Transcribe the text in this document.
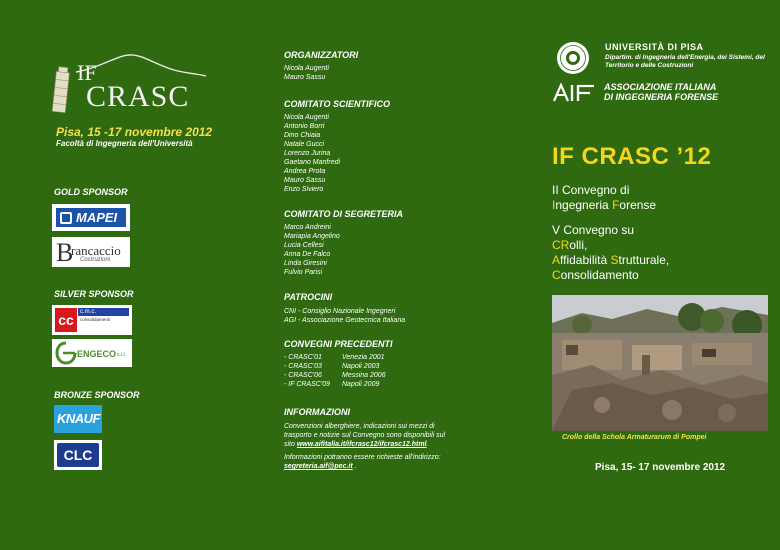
IF
CRASC
Pisa, 15 -17 novembre 2012
Facoltà di Ingegneria dell'Università
GOLD SPONSOR
MAPEI
B
rancaccio
Costruzioni
SILVER SPONSOR
cc	c.m.c.
consolidamenti
ENGECO s.r.l.
BRONZE SPONSOR
KNAUF
CLC
ORGANIZZATORI
Nicola Augenti
Mauro Sassu
COMITATO SCIENTIFICO
Nicola Augenti
Antonio Borri
Dino Chiaia
Natale Gucci
Lorenzo Jurina
Gaetano Manfredi
Andrea Prota
Mauro Sassu
Enzo Siviero
COMITATO DI SEGRETERIA
Marco Andreini
Mariapia Angelino
Lucia Cellesi
Anna De Falco
Linda Giresini
Fulvio Parisi
PATROCINI
CNI - Consiglio Nazionale Ingegneri
AGI - Associazione Geotecnica Italiana
CONVEGNI PRECEDENTI
- CRASC'01	Venezia 2001
- CRASC'03	Napoli 2003
- CRASC'06	Messina 2006
- IF CRASC'09 Napoli 2009
INFORMAZIONI
Convenzioni alberghiere, indicazioni sui mezzi di trasporto e notizie sul Convegno sono disponibili sul sito www.aifitalia.it/ifcrasc12/ifcrasc12.html.
Informazioni potranno essere richieste all'indirizzo:
segreteria.aif@pec.it .
UNIVERSITÀ DI PISA
Dipartim. di Ingegneria dell'Energia, dei Sistemi, del Territorio e delle Costruzioni
ASSOCIAZIONE ITALIANA
DI INGEGNERIA FORENSE
IF CRASC ’12
II Convegno di
Ingegneria Forense
V Convegno su
CRolli,
Affidabilità Strutturale,
Consolidamento
Crollo della Schola Armaturarum di Pompei
Pisa, 15- 17 novembre 2012
